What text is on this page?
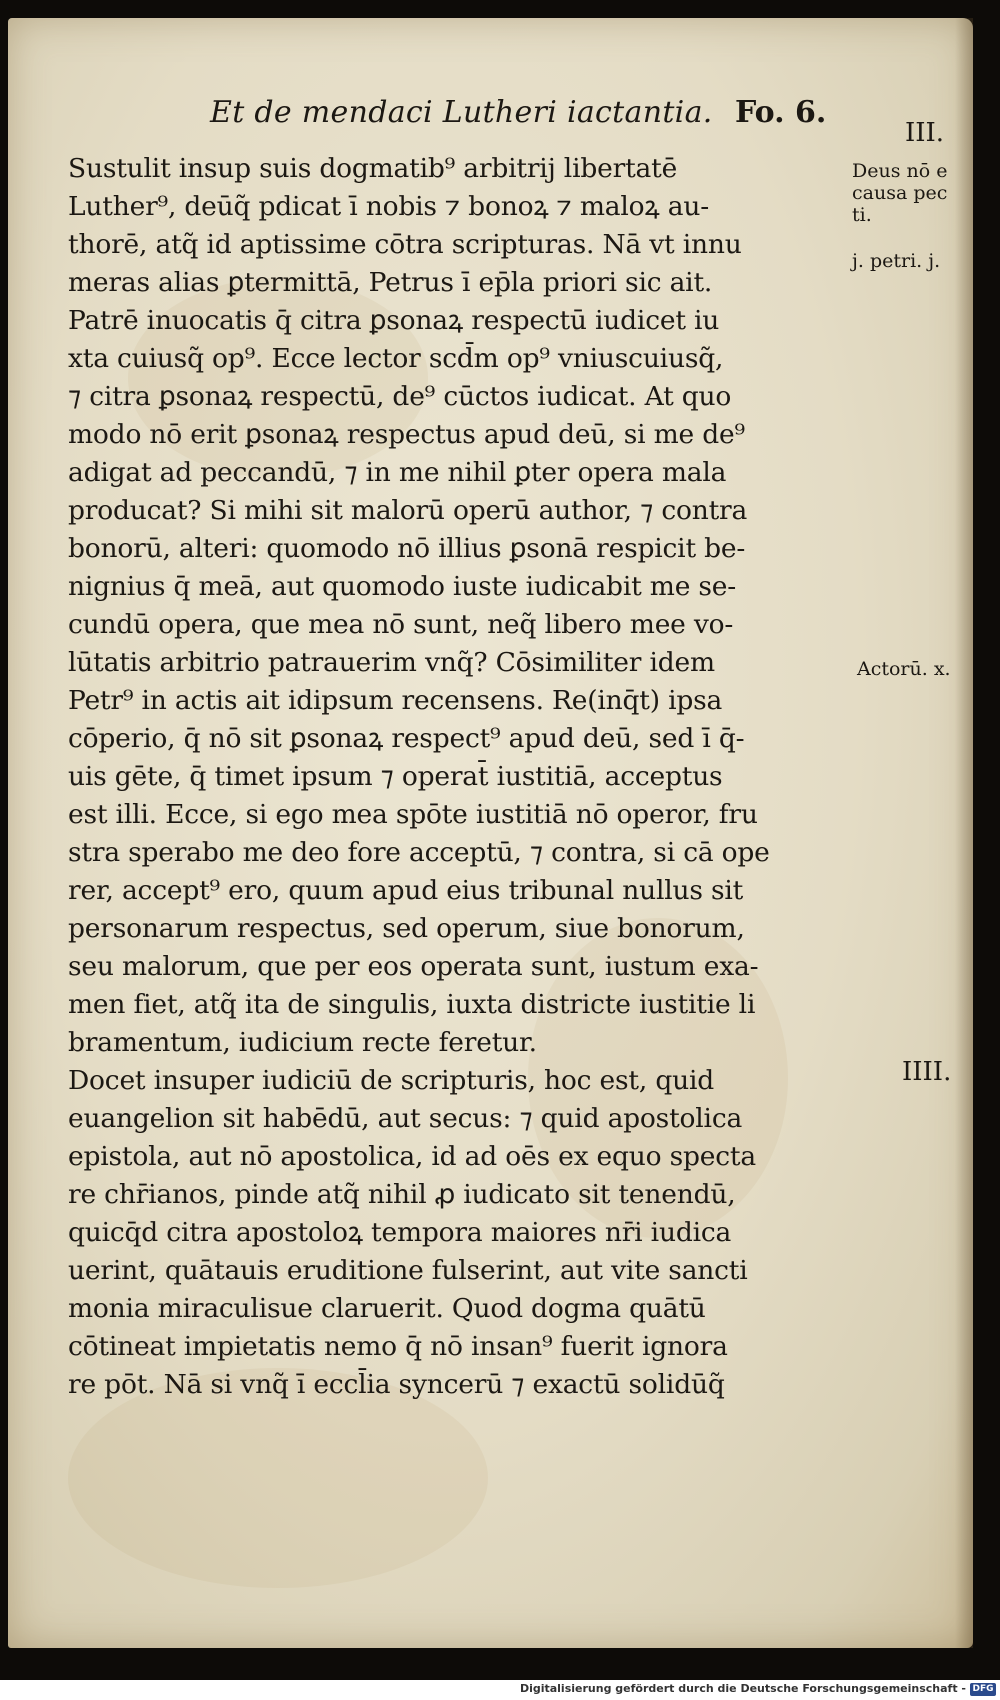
Et de mendaci Lutheri iactantia. Fo. 6.
III.
IIII.
Deus nō e
causa pec
ti.
j. petri. j.
Actorū. x.
Sustulit insup suis dogmatib⁹ arbitrij libertatē
Luther⁹, deūq̃ pdicat ī nobis ⁊ bonoꝝ ⁊ maloꝝ au-
thorē, atq̃ id aptissime cōtra scripturas. Nā vt innu
meras alias ꝑtermittā, Petrus ī ep̄la priori sic ait.
Patrē inuocatis q̄ citra ꝑsonaꝝ respectū iudicet iu
xta cuiusq̃ op⁹. Ecce lector scd̄m op⁹ vniuscuiusq̃,
⁊ citra ꝑsonaꝝ respectū, de⁹ cūctos iudicat. At quo
modo nō erit ꝑsonaꝝ respectus apud deū, si me de⁹
adigat ad peccandū, ⁊ in me nihil ꝑter opera mala
producat? Si mihi sit malorū operū author, ⁊ contra
bonorū, alteri: quomodo nō illius ꝑsonā respicit be-
nignius q̄ meā, aut quomodo iuste iudicabit me se-
cundū opera, que mea nō sunt, neq̃ libero mee vo-
lūtatis arbitrio patrauerim vnq̃? Cōsimiliter idem
Petr⁹ in actis ait idipsum recensens. Re(inq̄t) ipsa
cōperio, q̄ nō sit ꝑsonaꝝ respect⁹ apud deū, sed ī q̄-
uis gēte, q̄ timet ipsum ⁊ operat̄ iustitiā, acceptus
est illi. Ecce, si ego mea spōte iustitiā nō operor, fru
stra sperabo me deo fore acceptū, ⁊ contra, si cā ope
rer, accept⁹ ero, quum apud eius tribunal nullus sit
personarum respectus, sed operum, siue bonorum,
seu malorum, que per eos operata sunt, iustum exa-
men fiet, atq̃ ita de singulis, iuxta districte iustitie li
bramentum, iudicium recte feretur.
Docet insuper iudiciū de scripturis, hoc est, quid
euangelion sit habēdū, aut secus: ⁊ quid apostolica
epistola, aut nō apostolica, id ad oēs ex equo specta
re chr̄ianos, pinde atq̃ nihil ꝓ iudicato sit tenendū,
quicq̄d citra apostoloꝝ tempora maiores nr̄i iudica
uerint, quātauis eruditione fulserint, aut vite sancti
monia miraculisue claruerit. Quod dogma quātū
cōtineat impietatis nemo q̄ nō insan⁹ fuerit ignora
re pōt. Nā si vnq̃ ī eccl̄ia syncerū ⁊ exactū solidūq̃
Digitalisierung gefördert durch die Deutsche Forschungsgemeinschaft - DFG
